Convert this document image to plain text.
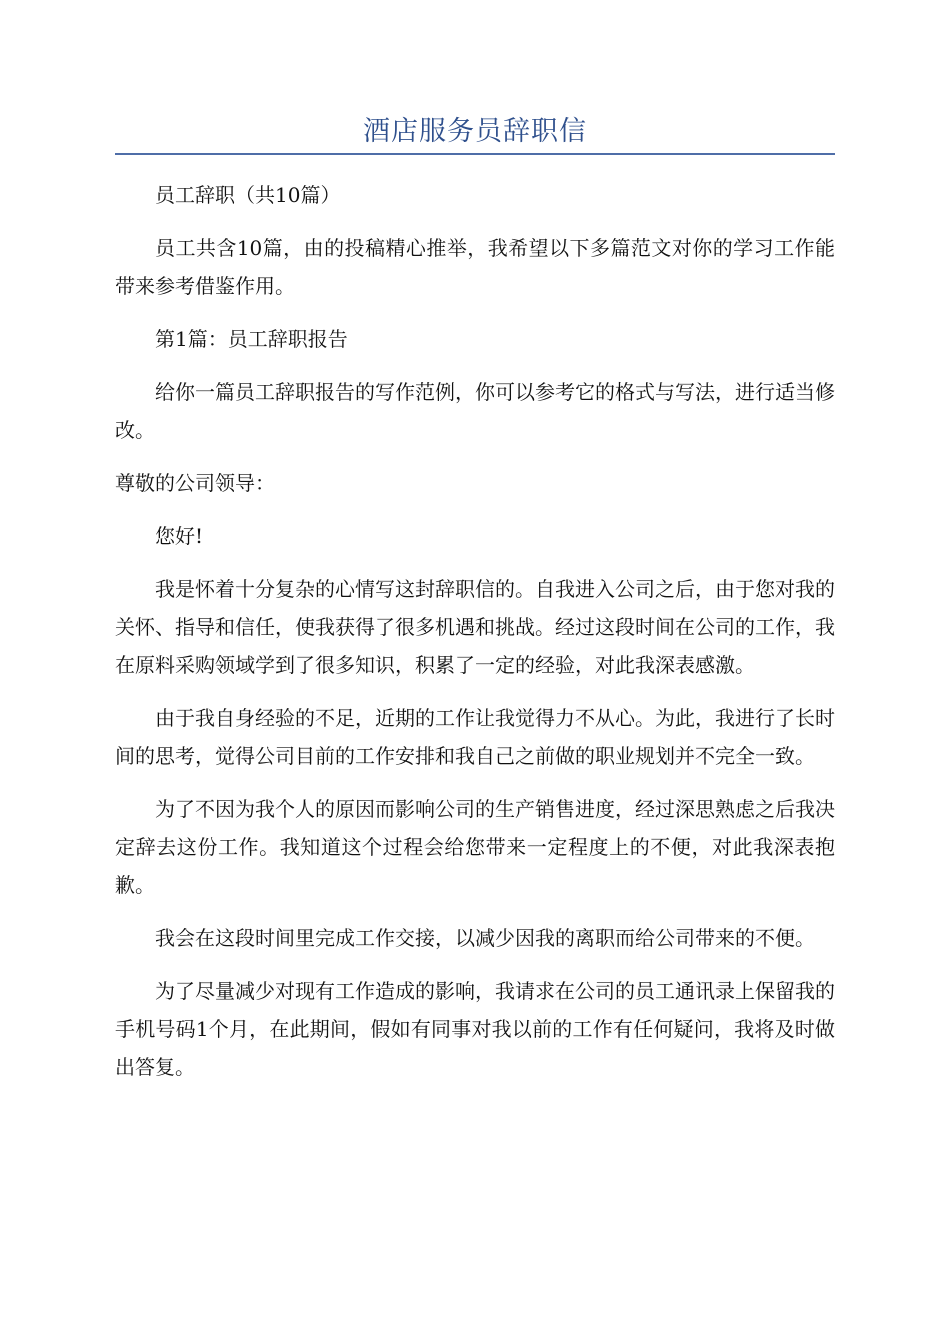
酒店服务员辞职信

员工辞职（共10篇）

员工共含10篇，由的投稿精心推举，我希望以下多篇范文对你的学习工作能带来参考借鉴作用。

第1篇：员工辞职报告

给你一篇员工辞职报告的写作范例，你可以参考它的格式与写法，进行适当修改。

尊敬的公司领导：

您好!

我是怀着十分复杂的心情写这封辞职信的。自我进入公司之后，由于您对我的关怀、指导和信任，使我获得了很多机遇和挑战。经过这段时间在公司的工作，我在原料采购领域学到了很多知识，积累了一定的经验，对此我深表感激。

由于我自身经验的不足，近期的工作让我觉得力不从心。为此，我进行了长时间的思考，觉得公司目前的工作安排和我自己之前做的职业规划并不完全一致。

为了不因为我个人的原因而影响公司的生产销售进度，经过深思熟虑之后我决定辞去这份工作。我知道这个过程会给您带来一定程度上的不便，对此我深表抱歉。

我会在这段时间里完成工作交接，以减少因我的离职而给公司带来的不便。

为了尽量减少对现有工作造成的影响，我请求在公司的员工通讯录上保留我的手机号码1个月，在此期间，假如有同事对我以前的工作有任何疑问，我将及时做出答复。
